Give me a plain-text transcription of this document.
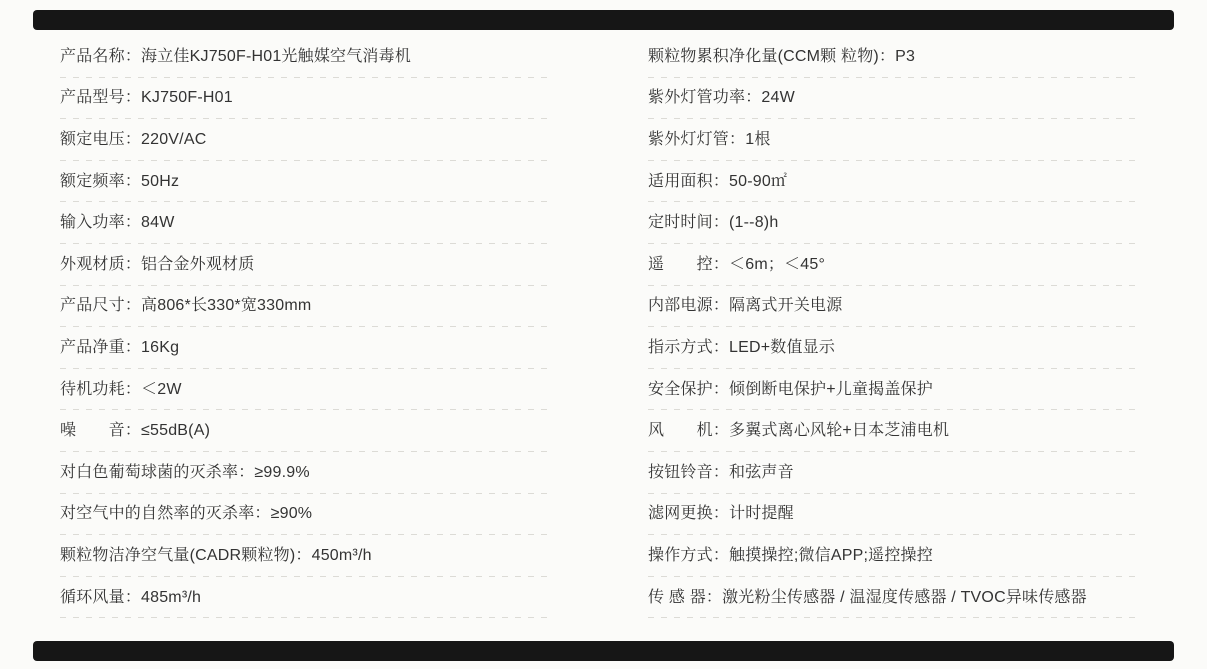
产品名称：海立佳KJ750F-H01光触媒空气消毒机
产品型号：KJ750F-H01
额定电压：220V/AC
额定频率：50Hz
输入功率：84W
外观材质：铝合金外观材质
产品尺寸：高806*长330*宽330mm
产品净重：16Kg
待机功耗：＜2W
噪　　音：≤55dB(A)
对白色葡萄球菌的灭杀率：≥99.9%
对空气中的自然率的灭杀率：≥90%
颗粒物洁净空气量(CADR颗粒物)：450m³/h
循环风量：485m³/h
颗粒物累积净化量(CCM颗 粒物)：P3
紫外灯管功率：24W
紫外灯灯管：1根
适用面积：50-90㎡
定时时间：(1--8)h
遥　　控：＜6m；＜45°
内部电源：隔离式开关电源
指示方式：LED+数值显示
安全保护：倾倒断电保护+儿童揭盖保护
风　　机：多翼式离心风轮+日本芝浦电机
按钮铃音：和弦声音
滤网更换：计时提醒
操作方式：触摸操控;微信APP;遥控操控
传 感 器：激光粉尘传感器 / 温湿度传感器 / TVOC异味传感器
